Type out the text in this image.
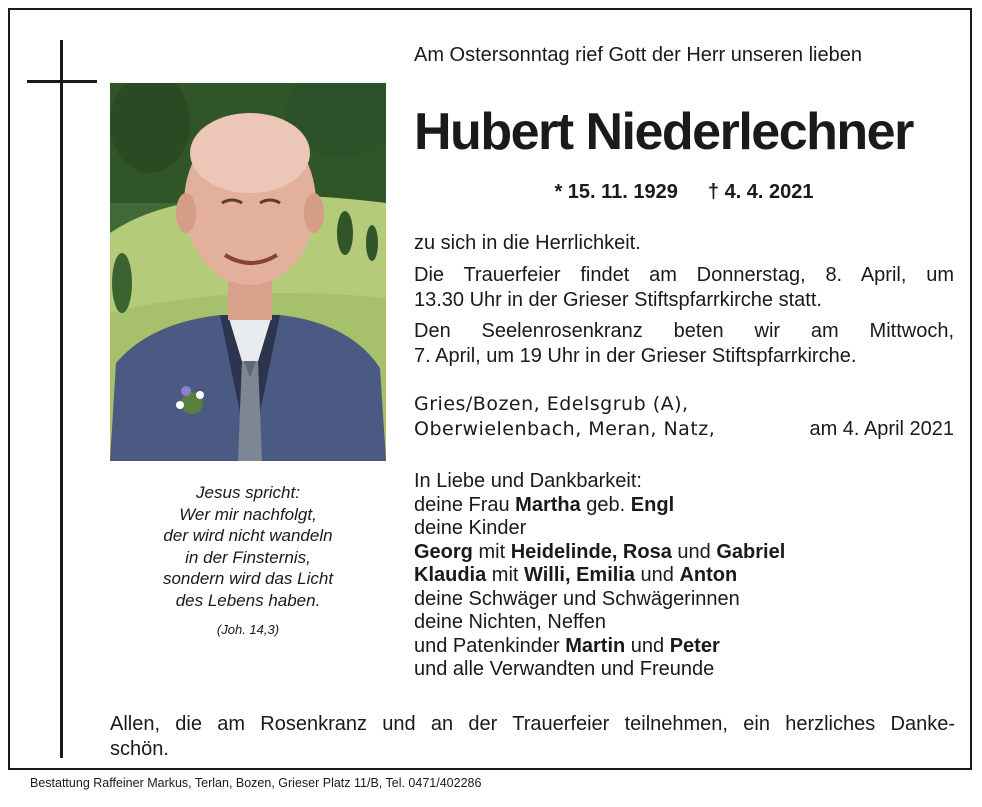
Jesus spricht:
Wer mir nachfolgt,
der wird nicht wandeln
in der Finsternis,
sondern wird das Licht
des Lebens haben.
(Joh. 14,3)
Am Ostersonntag rief Gott der Herr unseren lieben
Hubert Niederlechner
* 15. 11. 1929 † 4. 4. 2021
zu sich in die Herrlichkeit.
Die Trauerfeier findet am Donnerstag, 8. April, um
13.30 Uhr in der Grieser Stiftspfarrkirche statt.
Den Seelenrosenkranz beten wir am Mittwoch,
7. April, um 19 Uhr in der Grieser Stiftspfarrkirche.
Gries/Bozen, Edelsgrub (A),
Oberwielenbach, Meran, Natz,	am 4. April 2021
In Liebe und Dankbarkeit:
deine Frau Martha geb. Engl
deine Kinder
Georg mit Heidelinde, Rosa und Gabriel
Klaudia mit Willi, Emilia und Anton
deine Schwäger und Schwägerinnen
deine Nichten, Neffen
und Patenkinder Martin und Peter
und alle Verwandten und Freunde
Allen, die am Rosenkranz und an der Trauerfeier teilnehmen, ein herzliches Danke-
schön.
Bestattung Raffeiner Markus, Terlan, Bozen, Grieser Platz 11/B, Tel. 0471/402286
